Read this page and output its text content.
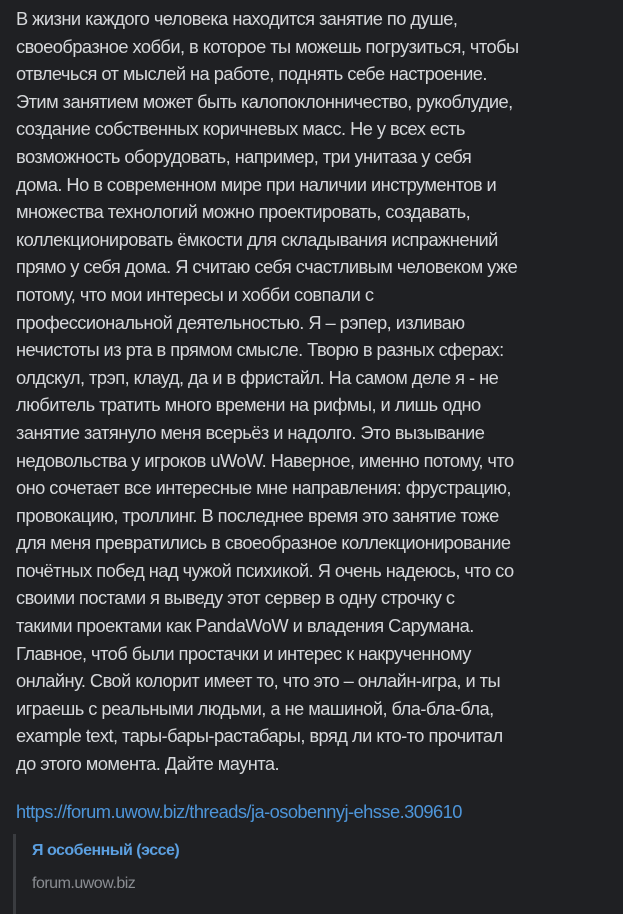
В жизни каждого человека находится занятие по душе,
своеобразное хобби, в которое ты можешь погрузиться, чтобы
отвлечься от мыслей на работе, поднять себе настроение.
Этим занятием может быть калопоклонничество, рукоблудие,
создание собственных коричневых масс. Не у всех есть
возможность оборудовать, например, три унитаза у себя
дома. Но в современном мире при наличии инструментов и
множества технологий можно проектировать, создавать,
коллекционировать ёмкости для складывания испражнений
прямо у себя дома. Я считаю себя счастливым человеком уже
потому, что мои интересы и хобби совпали с
профессиональной деятельностью. Я – рэпер, изливаю
нечистоты из рта в прямом смысле. Творю в разных сферах:
олдскул, трэп, клауд, да и в фристайл. На самом деле я - не
любитель тратить много времени на рифмы, и лишь одно
занятие затянуло меня всерьёз и надолго. Это вызывание
недовольства у игроков uWoW. Наверное, именно потому, что
оно сочетает все интересные мне направления: фрустрацию,
провокацию, троллинг. В последнее время это занятие тоже
для меня превратились в своеобразное коллекционирование
почётных побед над чужой психикой. Я очень надеюсь, что со
своими постами я выведу этот сервер в одну строчку с
такими проектами как PandaWoW и владения Сарумана.
Главное, чтоб были простачки и интерес к накрученному
онлайну. Свой колорит имеет то, что это – онлайн-игра, и ты
играешь с реальными людьми, а не машиной, бла-бла-бла,
example text, тары-бары-растабары, вряд ли кто-то прочитал
до этого момента. Дайте маунта.
https://forum.uwow.biz/threads/ja-osobennyj-ehsse.309610
Я особенный (эссе)
forum.uwow.biz
